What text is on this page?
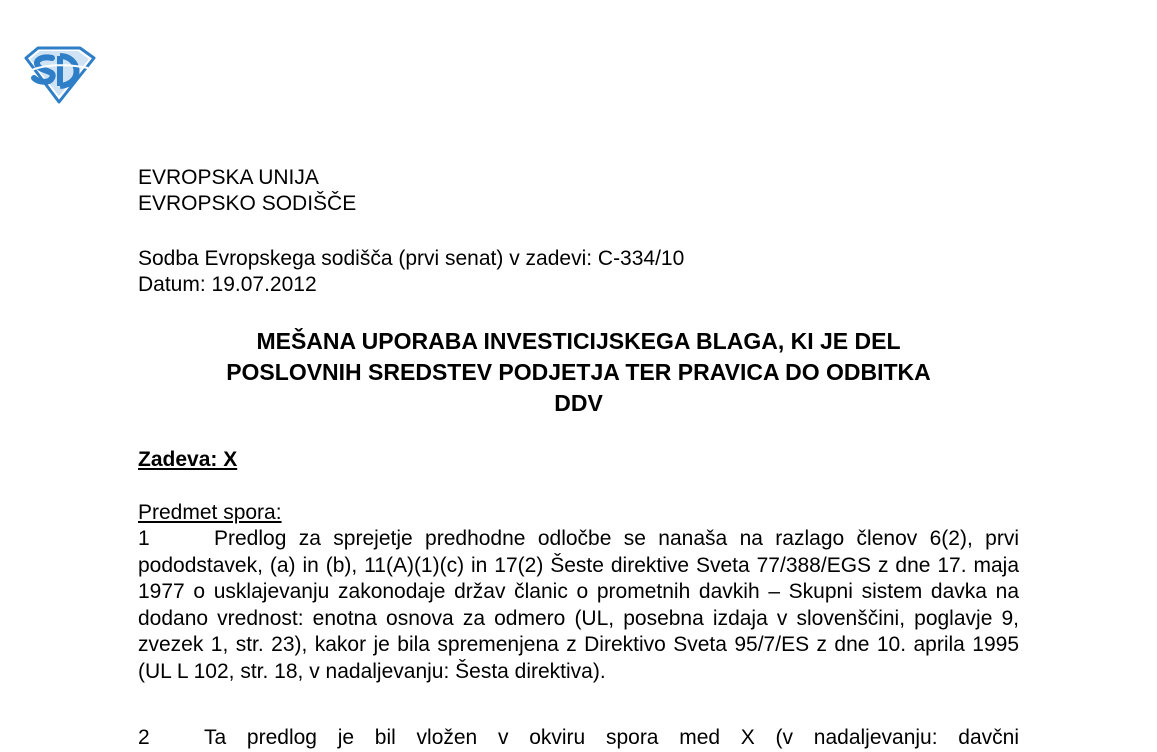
EVROPSKA UNIJA
EVROPSKO SODIŠČE
Sodba Evropskega sodišča (prvi senat) v zadevi: C-334/10
Datum: 19.07.2012
MEŠANA UPORABA INVESTICIJSKEGA BLAGA, KI JE DEL
POSLOVNIH SREDSTEV PODJETJA TER PRAVICA DO ODBITKA
DDV
Zadeva: X
Predmet spora:
1	Predlog za sprejetje predhodne odločbe se nanaša na razlago členov 6(2), prvi pododstavek, (a) in (b), 11(A)(1)(c) in 17(2) Šeste direktive Sveta 77/388/EGS z dne 17. maja 1977 o usklajevanju zakonodaje držav članic o prometnih davkih – Skupni sistem davka na dodano vrednost: enotna osnova za odmero (UL, posebna izdaja v slovenščini, poglavje 9, zvezek 1, str. 23), kakor je bila spremenjena z Direktivo Sveta 95/7/ES z dne 10. aprila 1995 (UL L 102, str. 18, v nadaljevanju: Šesta direktiva).
2	Ta predlog je bil vložen v okviru spora med X (v nadaljevanju: davčni
